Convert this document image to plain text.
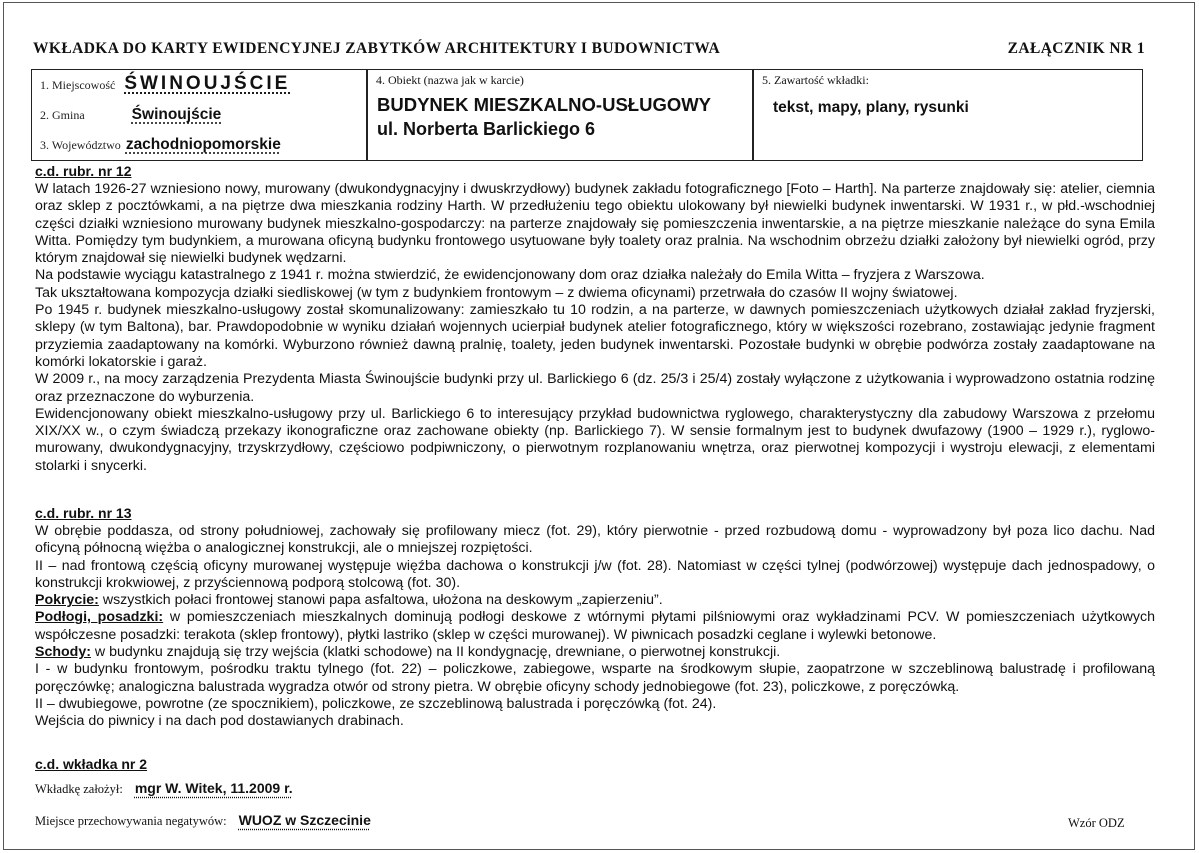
WKŁADKA DO KARTY EWIDENCYJNEJ ZABYTKÓW ARCHITEKTURY I BUDOWNICTWA	ZAŁĄCZNIK NR 1
1. Miejscowość ŚWINOUJŚCIE
2. Gmina	Świnoujście
3. Województwo zachodniopomorskie
4. Obiekt (nazwa jak w karcie)
BUDYNEK MIESZKALNO-USŁUGOWY
ul. Norberta Barlickiego 6
5. Zawartość wkładki:
tekst, mapy, plany, rysunki
c.d. rubr. nr 12
W latach 1926-27 wzniesiono nowy, murowany (dwukondygnacyjny i dwuskrzydłowy) budynek zakładu fotograficznego [Foto – Harth]. Na parterze znajdowały się: atelier, ciemnia oraz sklep z pocztówkami, a na piętrze dwa mieszkania rodziny Harth. W przedłużeniu tego obiektu ulokowany był niewielki budynek inwentarski. W 1931 r., w płd.-wschodniej części działki wzniesiono murowany budynek mieszkalno-gospodarczy: na parterze znajdowały się pomieszczenia inwentarskie, a na piętrze mieszkanie należące do syna Emila Witta. Pomiędzy tym budynkiem, a murowana oficyną budynku frontowego usytuowane były toalety oraz pralnia. Na wschodnim obrzeżu działki założony był niewielki ogród, przy którym znajdował się niewielki budynek wędzarni.
Na podstawie wyciągu katastralnego z 1941 r. można stwierdzić, że ewidencjonowany dom oraz działka należały do Emila Witta – fryzjera z Warszowa.
Tak ukształtowana kompozycja działki siedliskowej (w tym z budynkiem frontowym – z dwiema oficynami) przetrwała do czasów II wojny światowej.
Po 1945 r. budynek mieszkalno-usługowy został skomunalizowany: zamieszkało tu 10 rodzin, a na parterze, w dawnych pomieszczeniach użytkowych działał zakład fryzjerski, sklepy (w tym Baltona), bar. Prawdopodobnie w wyniku działań wojennych ucierpiał budynek atelier fotograficznego, który w większości rozebrano, zostawiając jedynie fragment przyziemia zaadaptowany na komórki. Wyburzono również dawną pralnię, toalety, jeden budynek inwentarski. Pozostałe budynki w obrębie podwórza zostały zaadaptowane na komórki lokatorskie i garaż.
W 2009 r., na mocy zarządzenia Prezydenta Miasta Świnoujście budynki przy ul. Barlickiego 6 (dz. 25/3 i 25/4) zostały wyłączone z użytkowania i wyprowadzono ostatnia rodzinę oraz przeznaczone do wyburzenia.
Ewidencjonowany obiekt mieszkalno-usługowy przy ul. Barlickiego 6 to interesujący przykład budownictwa ryglowego, charakterystyczny dla zabudowy Warszowa z przełomu XIX/XX w., o czym świadczą przekazy ikonograficzne oraz zachowane obiekty (np. Barlickiego 7). W sensie formalnym jest to budynek dwufazowy (1900 – 1929 r.), ryglowo-murowany, dwukondygnacyjny, trzyskrzydłowy, częściowo podpiwniczony, o pierwotnym rozplanowaniu wnętrza, oraz pierwotnej kompozycji i wystroju elewacji, z elementami stolarki i snycerki.
c.d. rubr. nr 13
W obrębie poddasza, od strony południowej, zachowały się profilowany miecz (fot. 29), który pierwotnie - przed rozbudową domu - wyprowadzony był poza lico dachu. Nad oficyną północną więżba o analogicznej konstrukcji, ale o mniejszej rozpiętości.
II – nad frontową częścią oficyny murowanej występuje więźba dachowa o konstrukcji j/w (fot. 28). Natomiast w części tylnej (podwórzowej) występuje dach jednospadowy, o konstrukcji krokwiowej, z przyściennową podporą stolcową (fot. 30).
Pokrycie: wszystkich połaci frontowej stanowi papa asfaltowa, ułożona na deskowym „zapierzeniu”.
Podłogi, posadzki: w pomieszczeniach mieszkalnych dominują podłogi deskowe z wtórnymi płytami pilśniowymi oraz wykładzinami PCV. W pomieszczeniach użytkowych współczesne posadzki: terakota (sklep frontowy), płytki lastriko (sklep w części murowanej). W piwnicach posadzki ceglane i wylewki betonowe.
Schody: w budynku znajdują się trzy wejścia (klatki schodowe) na II kondygnację, drewniane, o pierwotnej konstrukcji.
I - w budynku frontowym, pośrodku traktu tylnego (fot. 22) – policzkowe, zabiegowe, wsparte na środkowym słupie, zaopatrzone w szczeblinową balustradę i profilowaną poręczówkę; analogiczna balustrada wygradza otwór od strony pietra. W obrębie oficyny schody jednobiegowe (fot. 23), policzkowe, z poręczówką.
II – dwubiegowe, powrotne (ze spocznikiem), policzkowe, ze szczeblinową balustrada i poręczówką (fot. 24).
Wejścia do piwnicy i na dach pod dostawianych drabinach.
c.d. wkładka nr 2
Wkładkę założył: mgr W. Witek, 11.2009 r.
Miejsce przechowywania negatywów: WUOZ w Szczecinie	Wzór ODZ
